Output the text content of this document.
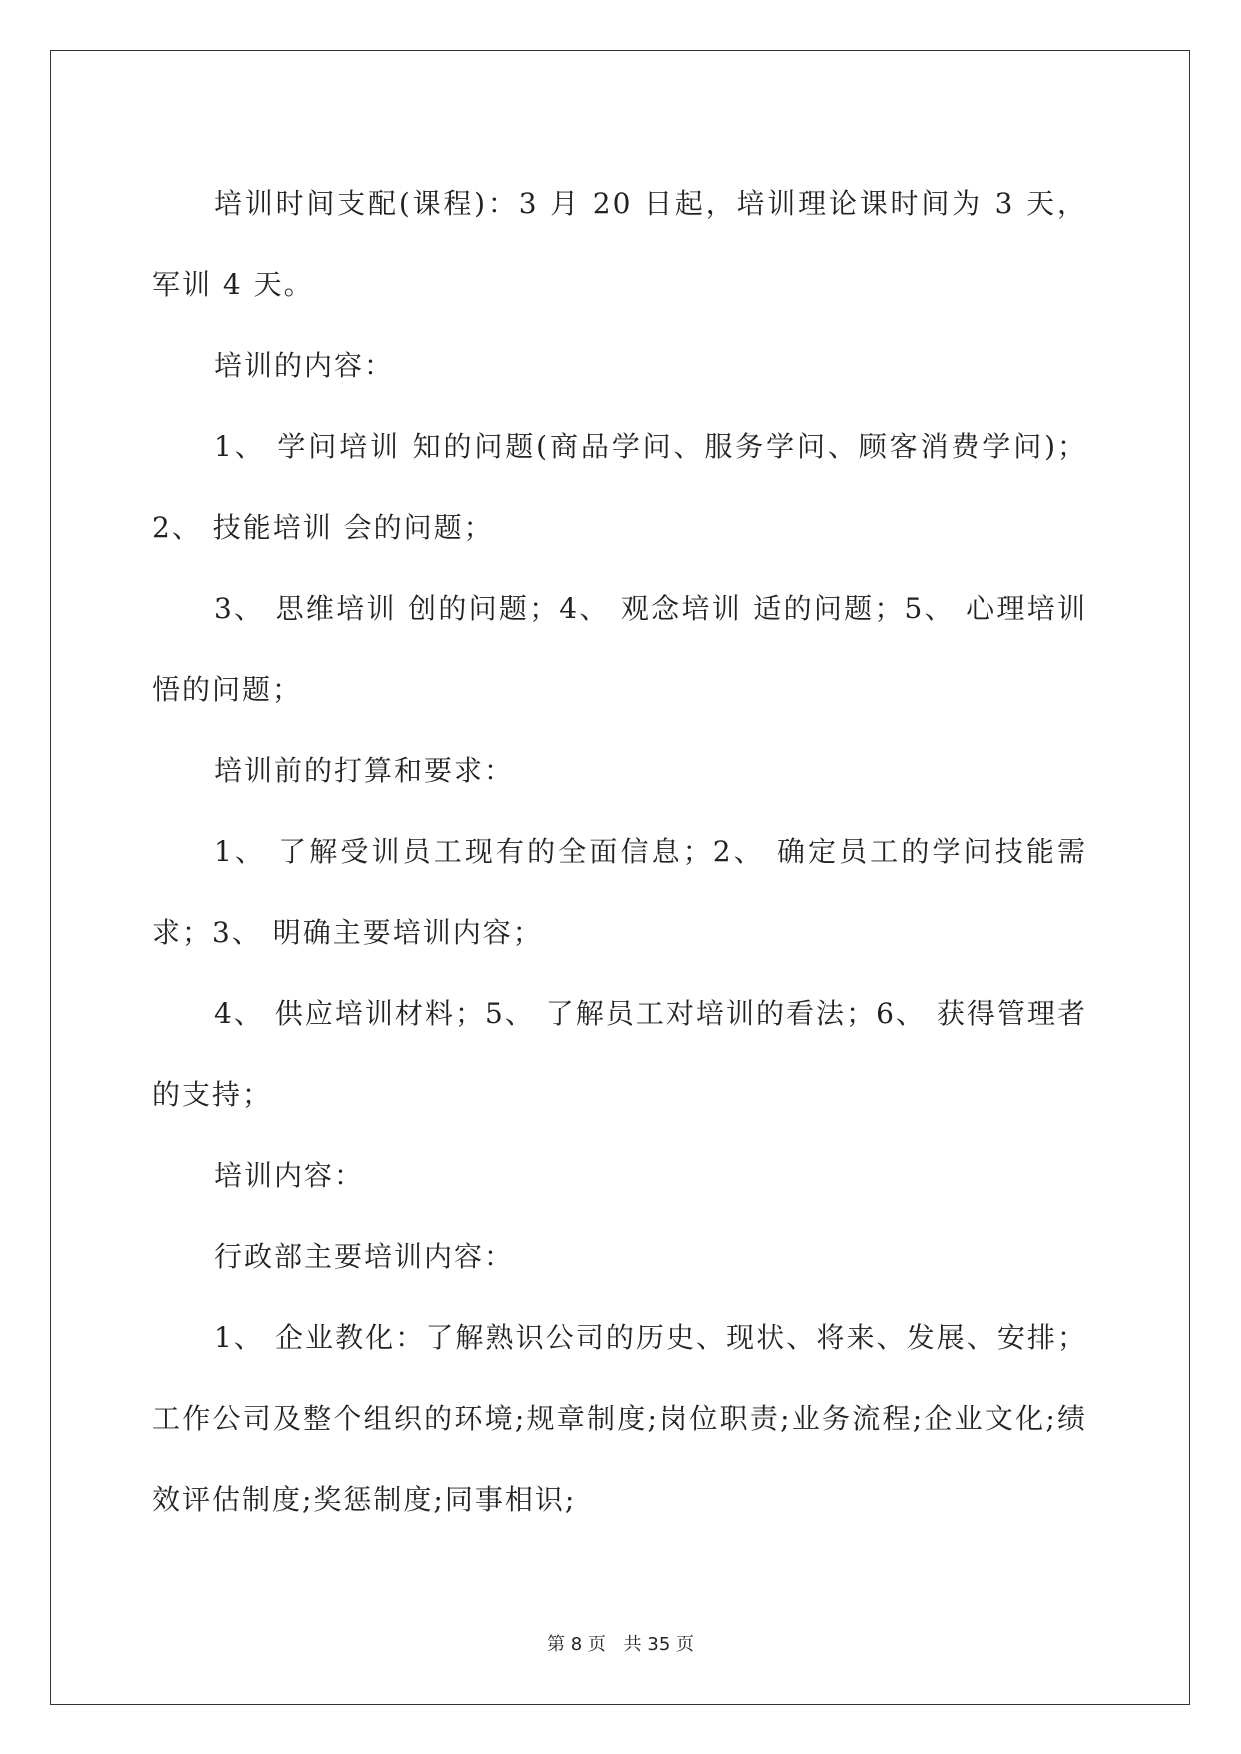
培训时间支配(课程)：3 月 20 日起，培训理论课时间为 3 天，军训 4 天。

培训的内容：

1、 学问培训 知的问题(商品学问、服务学问、顾客消费学问)；2、 技能培训 会的问题；

3、 思维培训 创的问题；4、 观念培训 适的问题；5、 心理培训 悟的问题；

培训前的打算和要求：

1、 了解受训员工现有的全面信息；2、 确定员工的学问技能需求；3、 明确主要培训内容；

4、 供应培训材料；5、 了解员工对培训的看法；6、 获得管理者的支持；

培训内容：

行政部主要培训内容：

1、 企业教化：了解熟识公司的历史、现状、将来、发展、安排；工作公司及整个组织的环境;规章制度;岗位职责;业务流程;企业文化;绩效评估制度;奖惩制度;同事相识;

第 8 页 共 35 页
